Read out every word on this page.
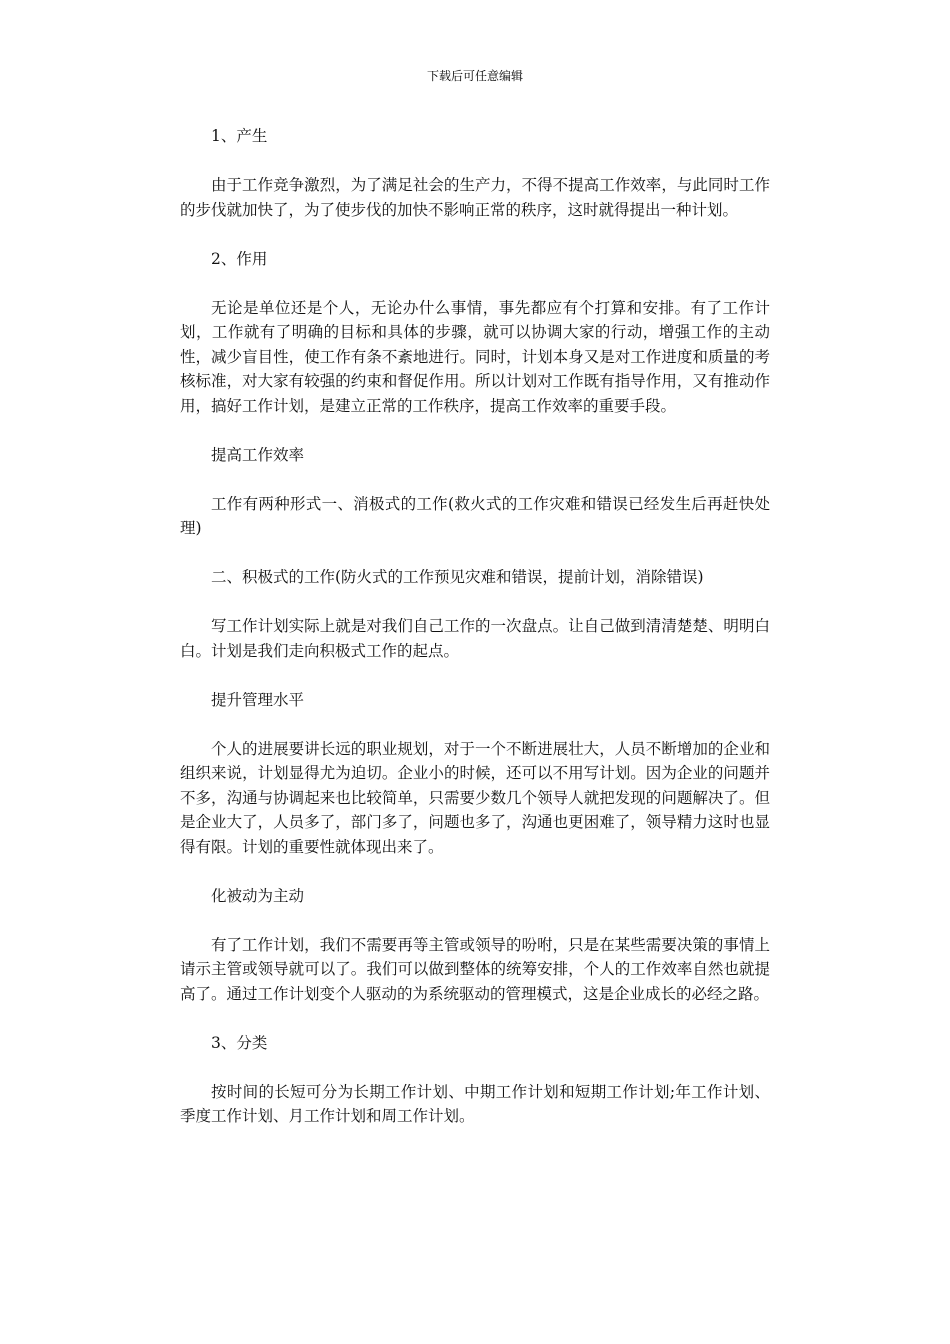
下载后可任意编辑

1、产生

由于工作竞争激烈，为了满足社会的生产力，不得不提高工作效率，与此同时工作的步伐就加快了，为了使步伐的加快不影响正常的秩序，这时就得提出一种计划。

2、作用

无论是单位还是个人，无论办什么事情，事先都应有个打算和安排。有了工作计划，工作就有了明确的目标和具体的步骤，就可以协调大家的行动，增强工作的主动性，减少盲目性，使工作有条不紊地进行。同时，计划本身又是对工作进度和质量的考核标准，对大家有较强的约束和督促作用。所以计划对工作既有指导作用，又有推动作用，搞好工作计划，是建立正常的工作秩序，提高工作效率的重要手段。

提高工作效率

工作有两种形式一、消极式的工作(救火式的工作灾难和错误已经发生后再赶快处理)

二、积极式的工作(防火式的工作预见灾难和错误，提前计划，消除错误)

写工作计划实际上就是对我们自己工作的一次盘点。让自己做到清清楚楚、明明白白。计划是我们走向积极式工作的起点。

提升管理水平

个人的进展要讲长远的职业规划，对于一个不断进展壮大，人员不断增加的企业和组织来说，计划显得尤为迫切。企业小的时候，还可以不用写计划。因为企业的问题并不多，沟通与协调起来也比较简单，只需要少数几个领导人就把发现的问题解决了。但是企业大了，人员多了，部门多了，问题也多了，沟通也更困难了，领导精力这时也显得有限。计划的重要性就体现出来了。

化被动为主动

有了工作计划，我们不需要再等主管或领导的吩咐，只是在某些需要决策的事情上请示主管或领导就可以了。我们可以做到整体的统筹安排，个人的工作效率自然也就提高了。通过工作计划变个人驱动的为系统驱动的管理模式，这是企业成长的必经之路。

3、分类

按时间的长短可分为长期工作计划、中期工作计划和短期工作计划;年工作计划、季度工作计划、月工作计划和周工作计划。
